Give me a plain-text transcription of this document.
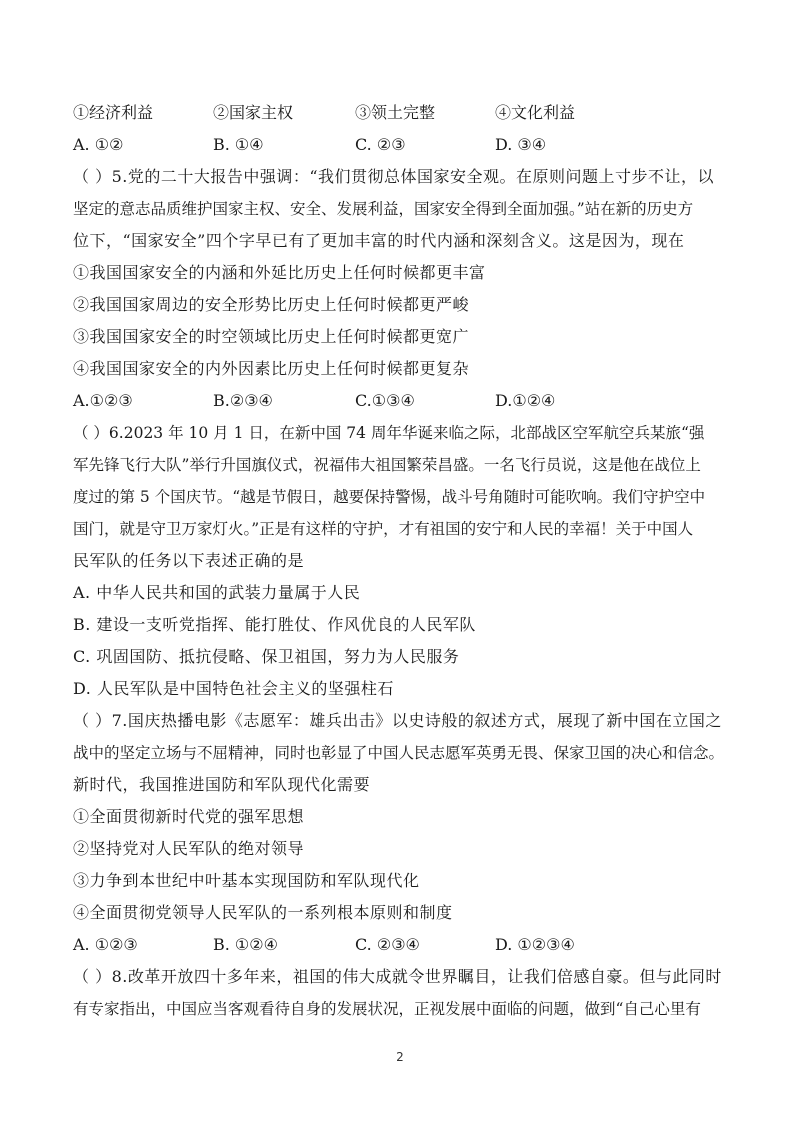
①经济利益	②国家主权	③领土完整	④文化利益
A. ①②	B. ①④	C. ②③	D. ③④
（ ）5.党的二十大报告中强调：“我们贯彻总体国家安全观。在原则问题上寸步不让，以
坚定的意志品质维护国家主权、安全、发展利益，国家安全得到全面加强。”站在新的历史方
位下，“国家安全”四个字早已有了更加丰富的时代内涵和深刻含义。这是因为，现在
①我国国家安全的内涵和外延比历史上任何时候都更丰富
②我国国家周边的安全形势比历史上任何时候都更严峻
③我国国家安全的时空领域比历史上任何时候都更宽广
④我国国家安全的内外因素比历史上任何时候都更复杂
A.①②③	B.②③④	C.①③④	D.①②④
（ ）6.2023 年 10 月 1 日，在新中国 74 周年华诞来临之际，北部战区空军航空兵某旅“强
军先锋飞行大队”举行升国旗仪式，祝福伟大祖国繁荣昌盛。一名飞行员说，这是他在战位上
度过的第 5 个国庆节。“越是节假日，越要保持警惕，战斗号角随时可能吹响。我们守护空中
国门，就是守卫万家灯火。”正是有这样的守护，才有祖国的安宁和人民的幸福！关于中国人
民军队的任务以下表述正确的是
A. 中华人民共和国的武装力量属于人民
B. 建设一支听党指挥、能打胜仗、作风优良的人民军队
C. 巩固国防、抵抗侵略、保卫祖国，努力为人民服务
D. 人民军队是中国特色社会主义的坚强柱石
（ ）7.国庆热播电影《志愿军：雄兵出击》以史诗般的叙述方式，展现了新中国在立国之
战中的坚定立场与不屈精神，同时也彰显了中国人民志愿军英勇无畏、保家卫国的决心和信念。
新时代，我国推进国防和军队现代化需要
①全面贯彻新时代党的强军思想
②坚持党对人民军队的绝对领导
③力争到本世纪中叶基本实现国防和军队现代化
④全面贯彻党领导人民军队的一系列根本原则和制度
A. ①②③	B. ①②④	C. ②③④	D. ①②③④
（ ）8.改革开放四十多年来，祖国的伟大成就令世界瞩目，让我们倍感自豪。但与此同时
有专家指出，中国应当客观看待自身的发展状况，正视发展中面临的问题，做到“自己心里有
2
